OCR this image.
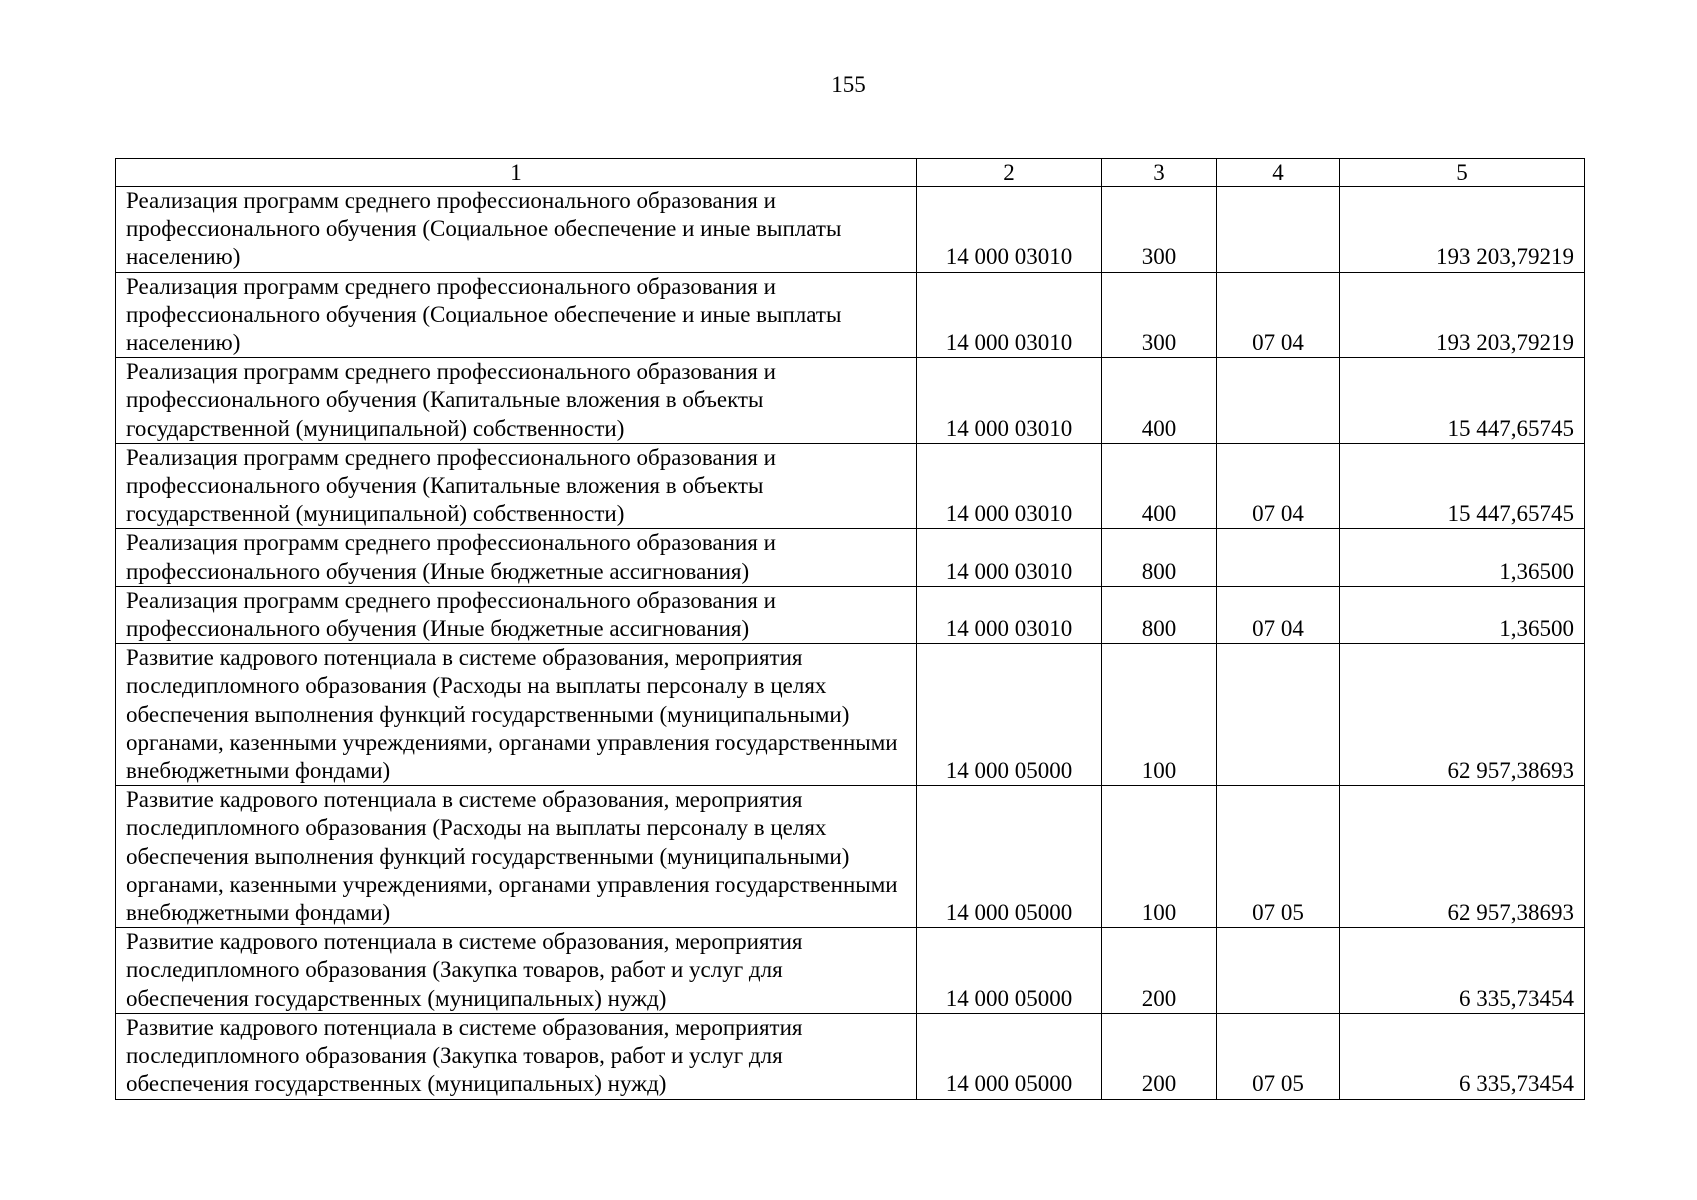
155
1	2	3	4	5
Реализация программ среднего профессионального образования и профессионального обучения (Социальное обеспечение и иные выплаты населению)	14 000 03010	300		193 203,79219
Реализация программ среднего профессионального образования и профессионального обучения (Социальное обеспечение и иные выплаты населению)	14 000 03010	300	07 04	193 203,79219
Реализация программ среднего профессионального образования и профессионального обучения (Капитальные вложения в объекты государственной (муниципальной) собственности)	14 000 03010	400		15 447,65745
Реализация программ среднего профессионального образования и профессионального обучения (Капитальные вложения в объекты государственной (муниципальной) собственности)	14 000 03010	400	07 04	15 447,65745
Реализация программ среднего профессионального образования и профессионального обучения (Иные бюджетные ассигнования)	14 000 03010	800		1,36500
Реализация программ среднего профессионального образования и профессионального обучения (Иные бюджетные ассигнования)	14 000 03010	800	07 04	1,36500
Развитие кадрового потенциала в системе образования, мероприятия последипломного образования (Расходы на выплаты персоналу в целях обеспечения выполнения функций государственными (муниципальными) органами, казенными учреждениями, органами управления государственными внебюджетными фондами)	14 000 05000	100		62 957,38693
Развитие кадрового потенциала в системе образования, мероприятия последипломного образования (Расходы на выплаты персоналу в целях обеспечения выполнения функций государственными (муниципальными) органами, казенными учреждениями, органами управления государственными внебюджетными фондами)	14 000 05000	100	07 05	62 957,38693
Развитие кадрового потенциала в системе образования, мероприятия последипломного образования (Закупка товаров, работ и услуг для обеспечения государственных (муниципальных) нужд)	14 000 05000	200		6 335,73454
Развитие кадрового потенциала в системе образования, мероприятия последипломного образования (Закупка товаров, работ и услуг для обеспечения государственных (муниципальных) нужд)	14 000 05000	200	07 05	6 335,73454
